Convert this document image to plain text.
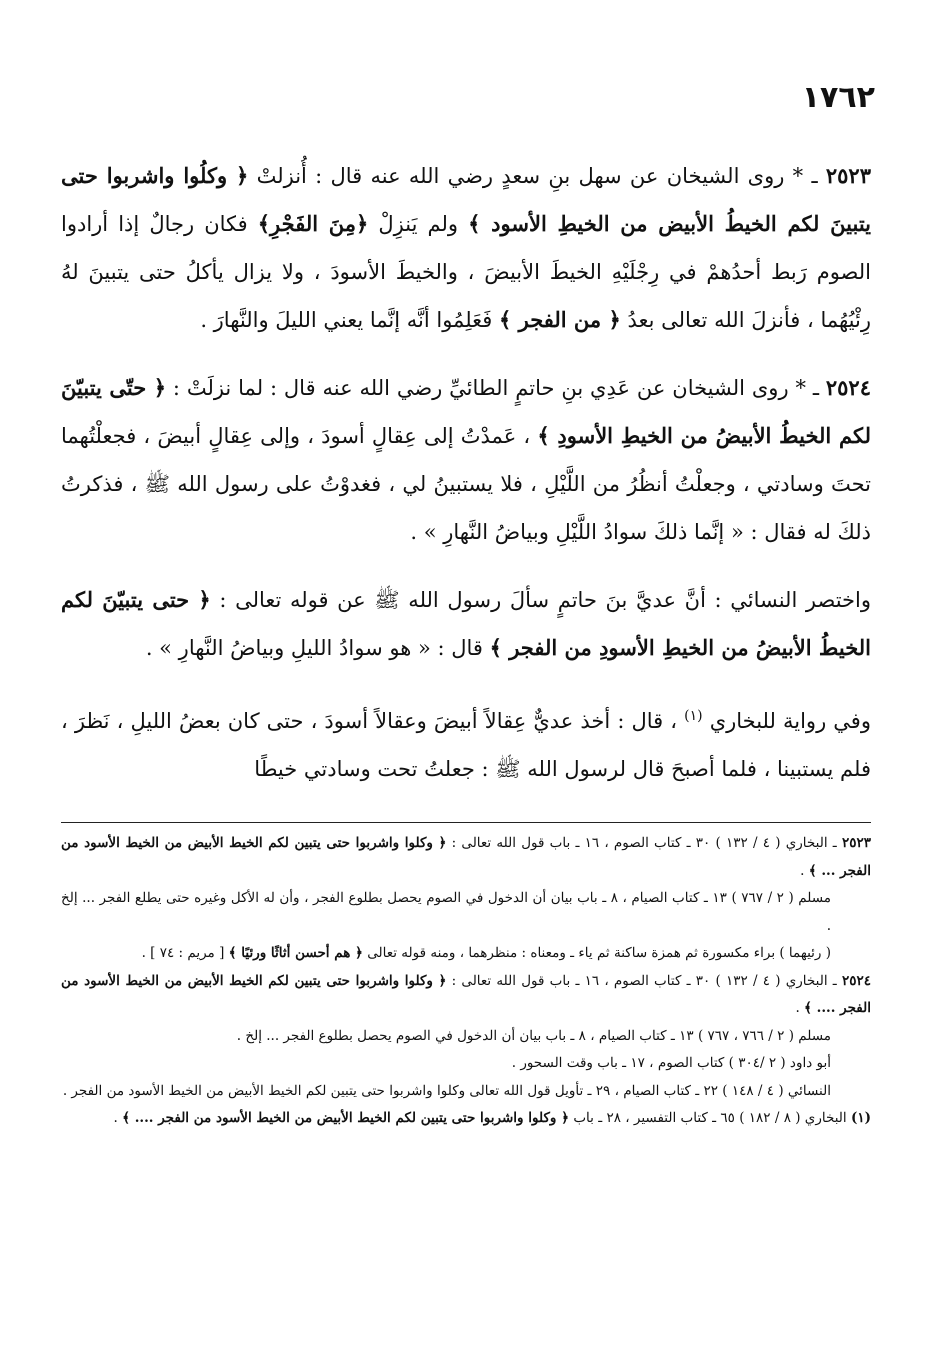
١٧٦٢

٢٥٢٣ ـ * روى الشيخان عن سهل بنِ سعدٍ رضي الله عنه قال : أُنزلتْ ﴿ وكلُوا واشربوا حتى يتبينَ لكم الخيطُ الأبيض من الخيطِ الأسود ﴾ ولم يَنزِلْ ﴿مِنَ الفَجْرِ﴾ فكان رجالٌ إذا أرادوا الصوم رَبط أحدُهمْ في رِجْلَيْهِ الخيطَ الأبيضَ ، والخيطَ الأسودَ ، ولا يزال يأكلُ حتى يتبينَ لهُ رِئْيُهُما ، فأنزلَ الله تعالى بعدُ ﴿ من الفجر ﴾ فَعَلِمُوا أنَّه إنَّما يعني الليلَ والنَّهارَ .

٢٥٢٤ ـ * روى الشيخان عن عَدِي بنِ حاتمٍ الطائيِّ رضي الله عنه قال : لما نزلَتْ : ﴿ حتّى يتبيّنَ لكم الخيطُ الأبيضُ من الخيطِ الأسودِ ﴾ ، عَمدْتُ إلى عِقالٍ أسودَ ، وإلى عِقالٍ أبيضَ ، فجعلْتُهما تحتَ وسادتي ، وجعلْتُ أنظُرُ من اللَّيْلِ ، فلا يستبينُ لي ، فغدوْتُ على رسول الله ﷺ ، فذكرتُ ذلكَ له فقال : « إنَّما ذلكَ سوادُ اللَّيْلِ وبياضُ النَّهارِ » .

واختصر النسائي : أنَّ عديَّ بنَ حاتمٍ سألَ رسول الله ﷺ عن قوله تعالى : ﴿ حتى يتبيّنَ لكم الخيطُ الأبيضُ من الخيطِ الأسودِ من الفجر ﴾ قال : « هو سوادُ الليلِ وبياضُ النَّهارِ » .

وفي رواية للبخاري $^{(١)}$ ، قال : أخذ عديٌّ عِقالاً أبيضَ وعقالاً أسودَ ، حتى كان بعضُ الليلِ ، نَظرَ ، فلم يستبينا ، فلما أصبحَ قال لرسول الله ﷺ : جعلتُ تحت وسادتي خيطًا

٢٥٢٣ ـ البخاري ( ٤ / ١٣٢ ) ٣٠ ـ كتاب الصوم ، ١٦ ـ باب قول الله تعالى : ﴿ وكلوا واشربوا حتى يتبين لكم الخيط الأبيض من الخيط الأسود من الفجر ... ﴾ .

مسلم ( ٢ / ٧٦٧ ) ١٣ ـ كتاب الصيام ، ٨ ـ باب بيان أن الدخول في الصوم يحصل بطلوع الفجر ، وأن له الأكل وغيره حتى يطلع الفجر ... إلخ .

( رئيهما ) براء مكسورة ثم همزة ساكنة ثم ياء ـ ومعناه : منظرهما ، ومنه قوله تعالى ﴿ هم أحسن أثاثًا ورئيًا ﴾ [ مريم : ٧٤ ] .

٢٥٢٤ ـ البخاري ( ٤ / ١٣٢ ) ٣٠ ـ كتاب الصوم ، ١٦ ـ باب قول الله تعالى : ﴿ وكلوا واشربوا حتى يتبين لكم الخيط الأبيض من الخيط الأسود من الفجر .... ﴾ .

مسلم ( ٢ / ٧٦٦ ، ٧٦٧ ) ١٣ ـ كتاب الصيام ، ٨ ـ باب بيان أن الدخول في الصوم يحصل بطلوع الفجر ... إلخ .

أبو داود ( ٢ /٣٠٤ ) كتاب الصوم ، ١٧ ـ باب وقت السحور .

النسائي ( ٤ / ١٤٨ ) ٢٢ ـ كتاب الصيام ، ٢٩ ـ تأويل قول الله تعالى وكلوا واشربوا حتى يتبين لكم الخيط الأبيض من الخيط الأسود من الفجر .

(١) البخاري ( ٨ / ١٨٢ ) ٦٥ ـ كتاب التفسير ، ٢٨ ـ باب ﴿ وكلوا واشربوا حتى يتبين لكم الخيط الأبيض من الخيط الأسود من الفجر .... ﴾ .
